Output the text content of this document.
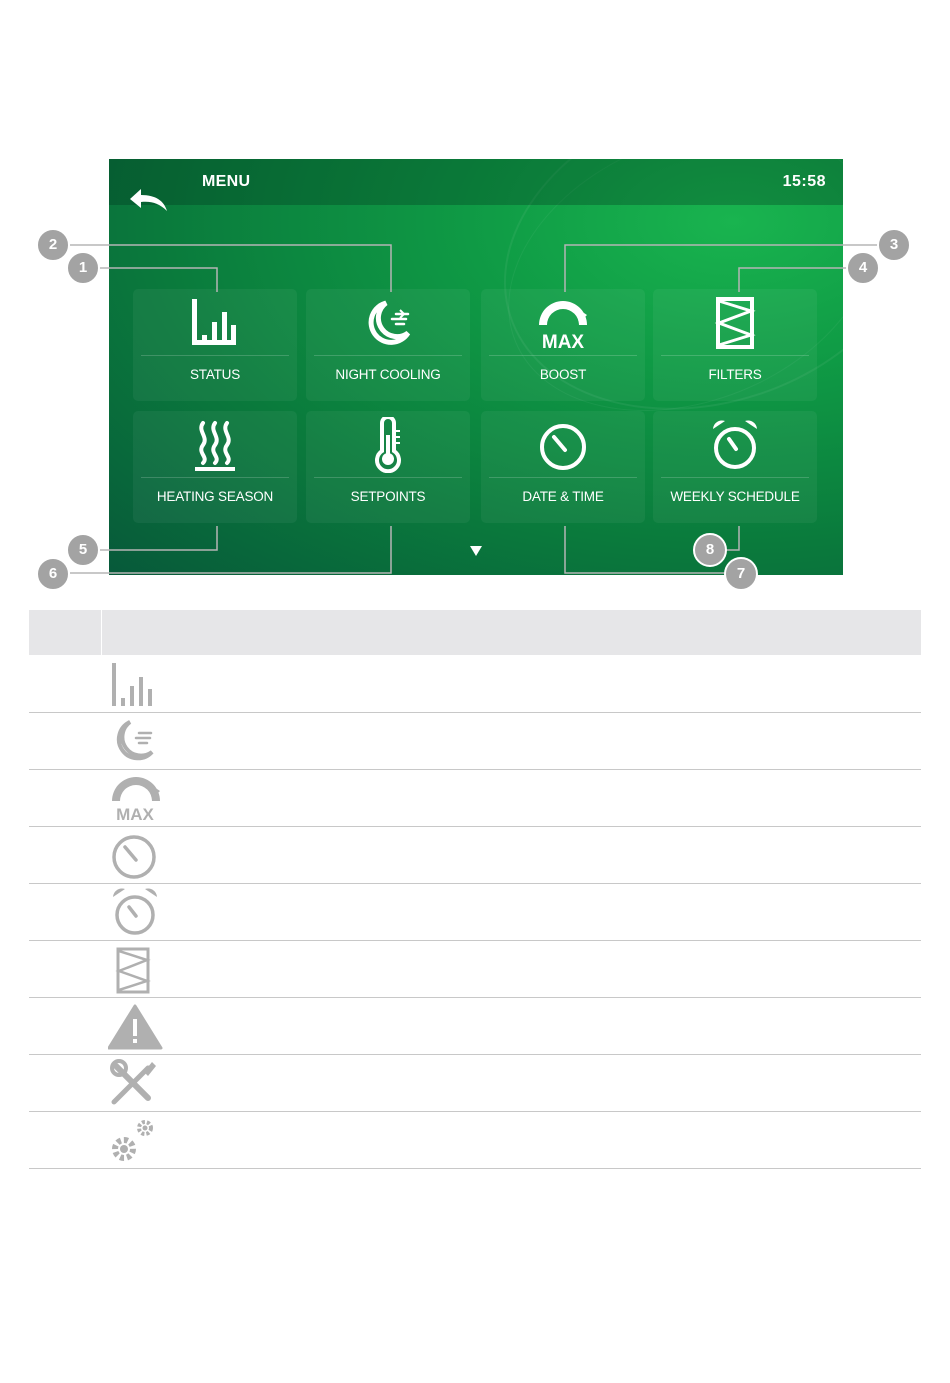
MENU	15:58
STATUS	NIGHT COOLING
MAX
BOOST	FILTERS
HEATING SEASON	SETPOINTS	DATE & TIME	WEEKLY SCHEDULE
1
2	3
4
5
6	7
8
MAX
